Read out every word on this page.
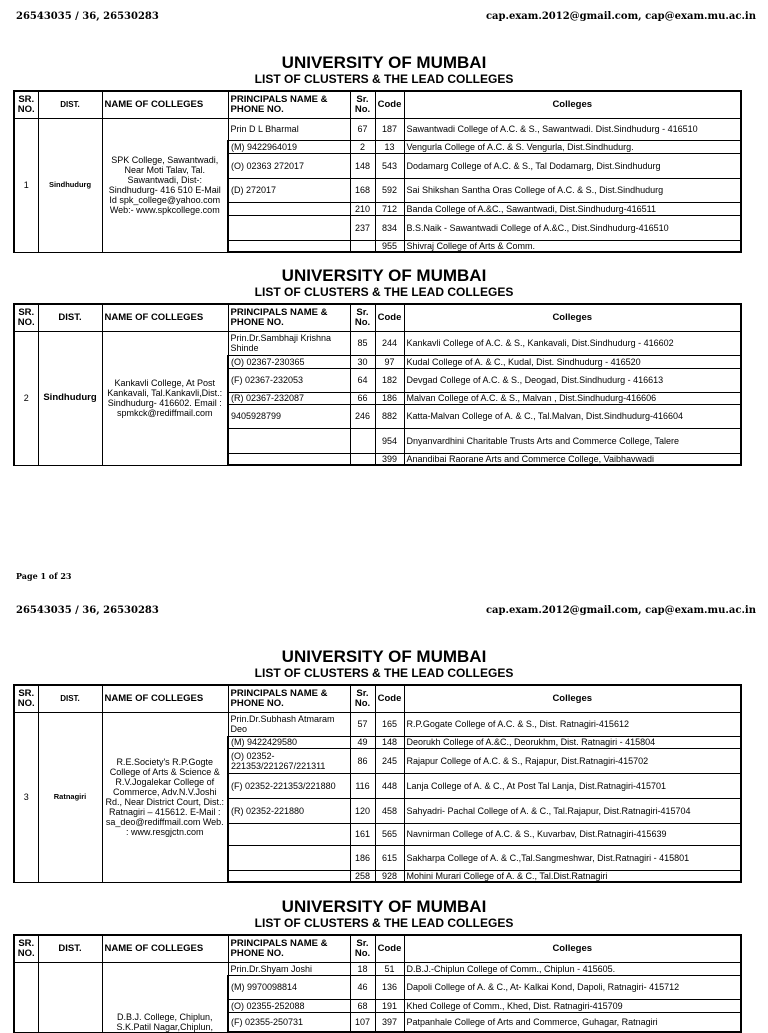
26543035 / 36, 26530283	cap.exam.2012@gmail.com, cap@exam.mu.ac.in
UNIVERSITY OF MUMBAI
LIST OF CLUSTERS & THE LEAD COLLEGES
SR. NO.	DIST.	NAME OF COLLEGES	PRINCIPALS NAME & PHONE NO.	Sr. No.	Code	Colleges
1	Sindhudurg	SPK College, Sawantwadi, Near Moti Talav, Tal. Sawantwadi, Dist-: Sindhudurg- 416 510 E-Mail Id spk_college@yahoo.com Web:- www.spkcollege.com	Prin D L Bharmal	67	187	Sawantwadi College of A.C. & S., Sawantwadi. Dist.Sindhudurg - 416510
			(M) 9422964019	2	13	Vengurla College of A.C. & S. Vengurla, Dist.Sindhudurg.
			(O) 02363 272017	148	543	Dodamarg College of A.C. & S., Tal Dodamarg, Dist.Sindhudurg
			(D) 272017	168	592	Sai Shikshan Santha Oras College of A.C. & S., Dist.Sindhudurg
				210	712	Banda College of A.&C., Sawantwadi, Dist.Sindhudurg-416511
				237	834	B.S.Naik - Sawantwadi College of A.&C., Dist.Sindhudurg-416510
					955	Shivraj College of Arts & Comm.
UNIVERSITY OF MUMBAI
LIST OF CLUSTERS & THE LEAD COLLEGES
SR. NO.	DIST.	NAME OF COLLEGES	PRINCIPALS NAME & PHONE NO.	Sr. No.	Code	Colleges
2	Sindhudurg	Kankavli College, At Post Kankavali, Tal.Kankavli,Dist.: Sindhudurg- 416602. Email : spmkck@rediffmail.com	Prin.Dr.Sambhaji Krishna Shinde	85	244	Kankavli College of A.C. & S., Kankavali, Dist.Sindhudurg - 416602
			(O) 02367-230365	30	97	Kudal College of A. & C., Kudal, Dist. Sindhudurg - 416520
			(F) 02367-232053	64	182	Devgad College of A.C. & S., Deogad, Dist.Sindhudurg - 416613
			(R) 02367-232087	66	186	Malvan College of A.C. & S., Malvan , Dist.Sindhudurg-416606
			9405928799	246	882	Katta-Malvan College of A. & C., Tal.Malvan, Dist.Sindhudurg-416604
					954	Dnyanvardhini Charitable Trusts Arts and Commerce College, Talere
					399	Anandibai Raorane Arts and Commerce College, Vaibhavwadi
Page 1 of 23
26543035 / 36, 26530283	cap.exam.2012@gmail.com, cap@exam.mu.ac.in
UNIVERSITY OF MUMBAI
LIST OF CLUSTERS & THE LEAD COLLEGES
SR. NO.	DIST.	NAME OF COLLEGES	PRINCIPALS NAME & PHONE NO.	Sr. No.	Code	Colleges
3	Ratnagiri	R.E.Society's R.P.Gogte College of Arts & Science & R.V.Jogalekar College of Commerce, Adv.N.V.Joshi Rd., Near District Court, Dist.: Ratnagiri – 415612. E-Mail : sa_deo@rediffmail.com Web. : www.resgjctn.com	Prin.Dr.Subhash Atmaram Deo	57	165	R.P.Gogate College of A.C. & S., Dist. Ratnagiri-415612
			(M) 9422429580	49	148	Deorukh College of A.&C., Deorukhm, Dist. Ratnagiri - 415804
			(O) 02352-221353/221267/221311	86	245	Rajapur College of A.C. & S., Rajapur, Dist.Ratnagiri-415702
			(F) 02352-221353/221880	116	448	Lanja College of A. & C., At Post Tal Lanja, Dist.Ratnagiri-415701
			(R) 02352-221880	120	458	Sahyadri- Pachal College of A. & C., Tal.Rajapur, Dist.Ratnagiri-415704
				161	565	Navnirman College of A.C. & S., Kuvarbav, Dist.Ratnagiri-415639
				186	615	Sakharpa College of A. & C.,Tal.Sangmeshwar, Dist.Ratnagiri - 415801
				258	928	Mohini Murari College of A. & C., Tal.Dist.Ratnagiri
UNIVERSITY OF MUMBAI
LIST OF CLUSTERS & THE LEAD COLLEGES
SR. NO.	DIST.	NAME OF COLLEGES	PRINCIPALS NAME & PHONE NO.	Sr. No.	Code	Colleges
		D.B.J. College, Chiplun, S.K.Patil Nagar,Chiplun,	Prin.Dr.Shyam Joshi	18	51	D.B.J.-Chiplun College of Comm., Chiplun - 415605.
			(M) 9970098814	46	136	Dapoli College of A. & C., At- Kalkai Kond, Dapoli, Ratnagiri- 415712
			(O) 02355-252088	68	191	Khed College of Comm., Khed, Dist. Ratnagiri-415709
			(F) 02355-250731	107	397	Patpanhale College of Arts and Commerce, Guhagar, Ratnagiri
